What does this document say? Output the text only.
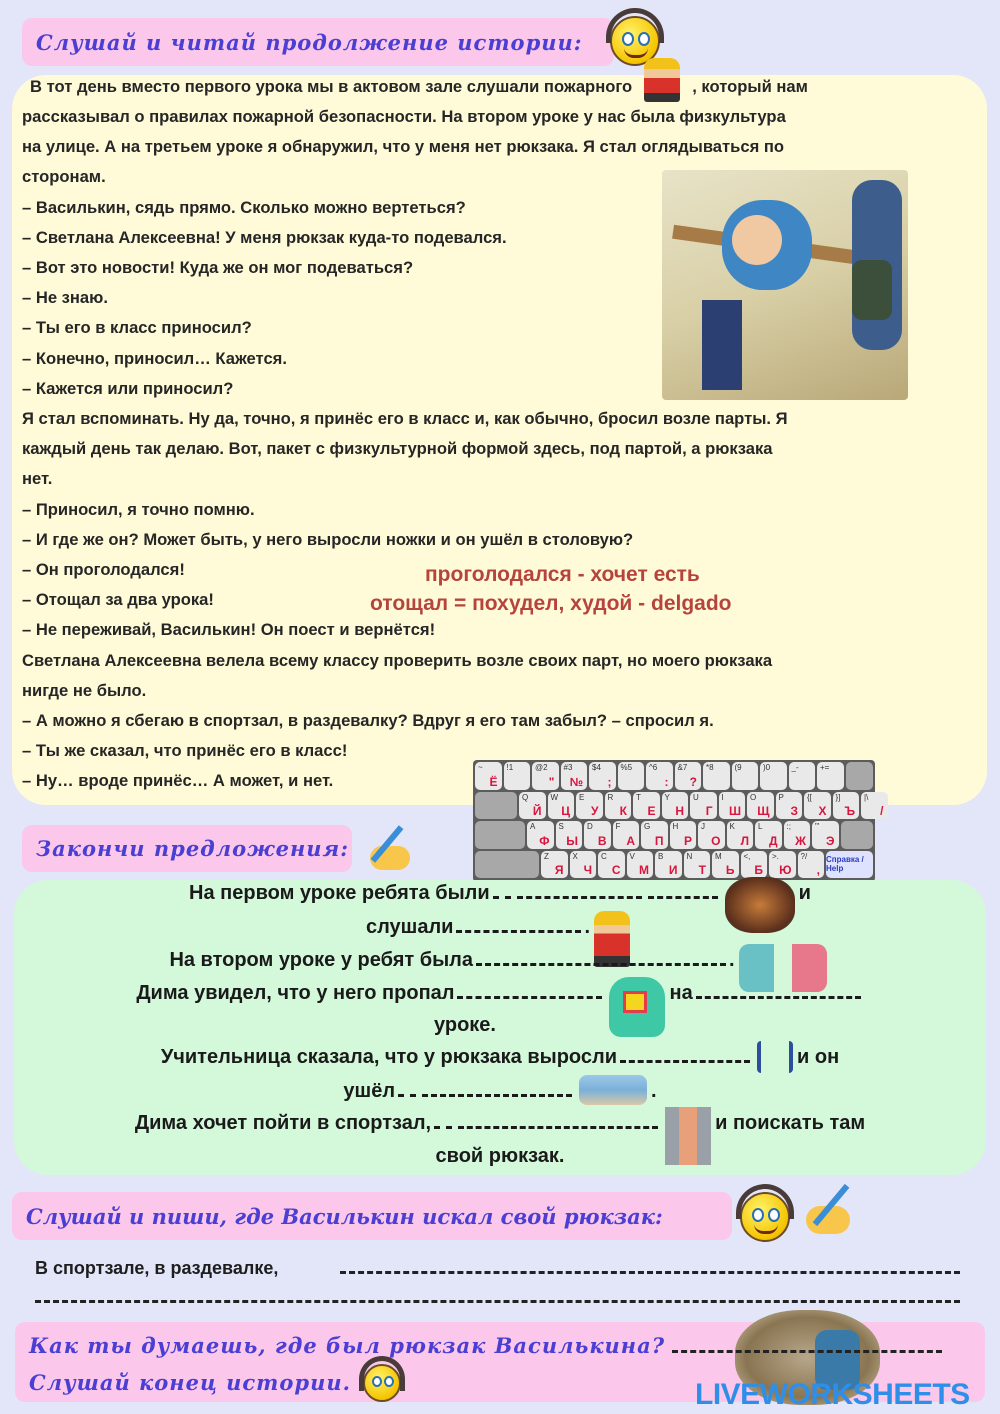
Слушай и читай продолжение истории:
В тот день вместо первого урока мы в актовом зале слушали пожарного	, который нам
рассказывал о правилах пожарной безопасности. На втором уроке у нас была физкультура
на улице. А на третьем уроке я обнаружил, что у меня нет рюкзака. Я стал оглядываться по
сторонам.
– Василькин, сядь прямо. Сколько можно вертеться?
– Светлана Алексеевна! У меня рюкзак куда-то подевался.
– Вот это новости! Куда же он мог подеваться?
– Не знаю.
– Ты его в класс приносил?
– Конечно, приносил… Кажется.
– Кажется или приносил?
Я стал вспоминать. Ну да, точно, я принёс его в класс и, как обычно, бросил возле парты. Я
каждый день так делаю. Вот, пакет с физкультурной формой здесь, под партой, а рюкзака
нет.
– Приносил, я точно помню.
– И где же он? Может быть, у него выросли ножки и он ушёл в столовую?
– Он проголодался!
– Отощал за два урока!
– Не переживай, Василькин! Он поест и вернётся!
Светлана Алексеевна велела всему классу проверить возле своих парт, но моего рюкзака
нигде не было.
– А можно я сбегаю в спортзал, в раздевалку? Вдруг я его там забыл? – спросил я.
– Ты же сказал, что принёс его в класс!
– Ну… вроде принёс… А может, и нет.
проголодался - хочет есть
отощал = похудел, худой - delgado
~
Ё
!1	@2
"
#3
№
$4
;
%5 ^6
:
&7
?
*8	(9	)0	_-	+=
Q
Й
W
Ц
E
У
R
К
T
Е
Y
Н
U
Г
I
Ш
O
Щ
P
З
{[
Х
}]
Ъ
|\
/
A
Ф
S
Ы
D
В
F
А
G
П
H
Р
J
О
K
Л
L
Д
:;
Ж
"'
Э
Z
Я
X
Ч
C
С
V
М
B
И
N
Т
M
Ь
<,
Б
>.
Ю
?/
,
Справка / Help
Закончи предложения:
На первом уроке ребята были	и
слушали	.
На втором уроке у ребят была	.
Дима увидел, что у него пропал	на
уроке.
Учительница сказала, что у рюкзака выросли	и он
ушёл	.
Дима хочет пойти в спортзал,	и поискать там
свой рюкзак.
Слушай и пиши, где Василькин искал свой рюкзак:
В спортзале, в раздевалке,
Как ты думаешь, где был рюкзак Василькина?
Слушай конец истории.	LIVEWORKSHEETS
